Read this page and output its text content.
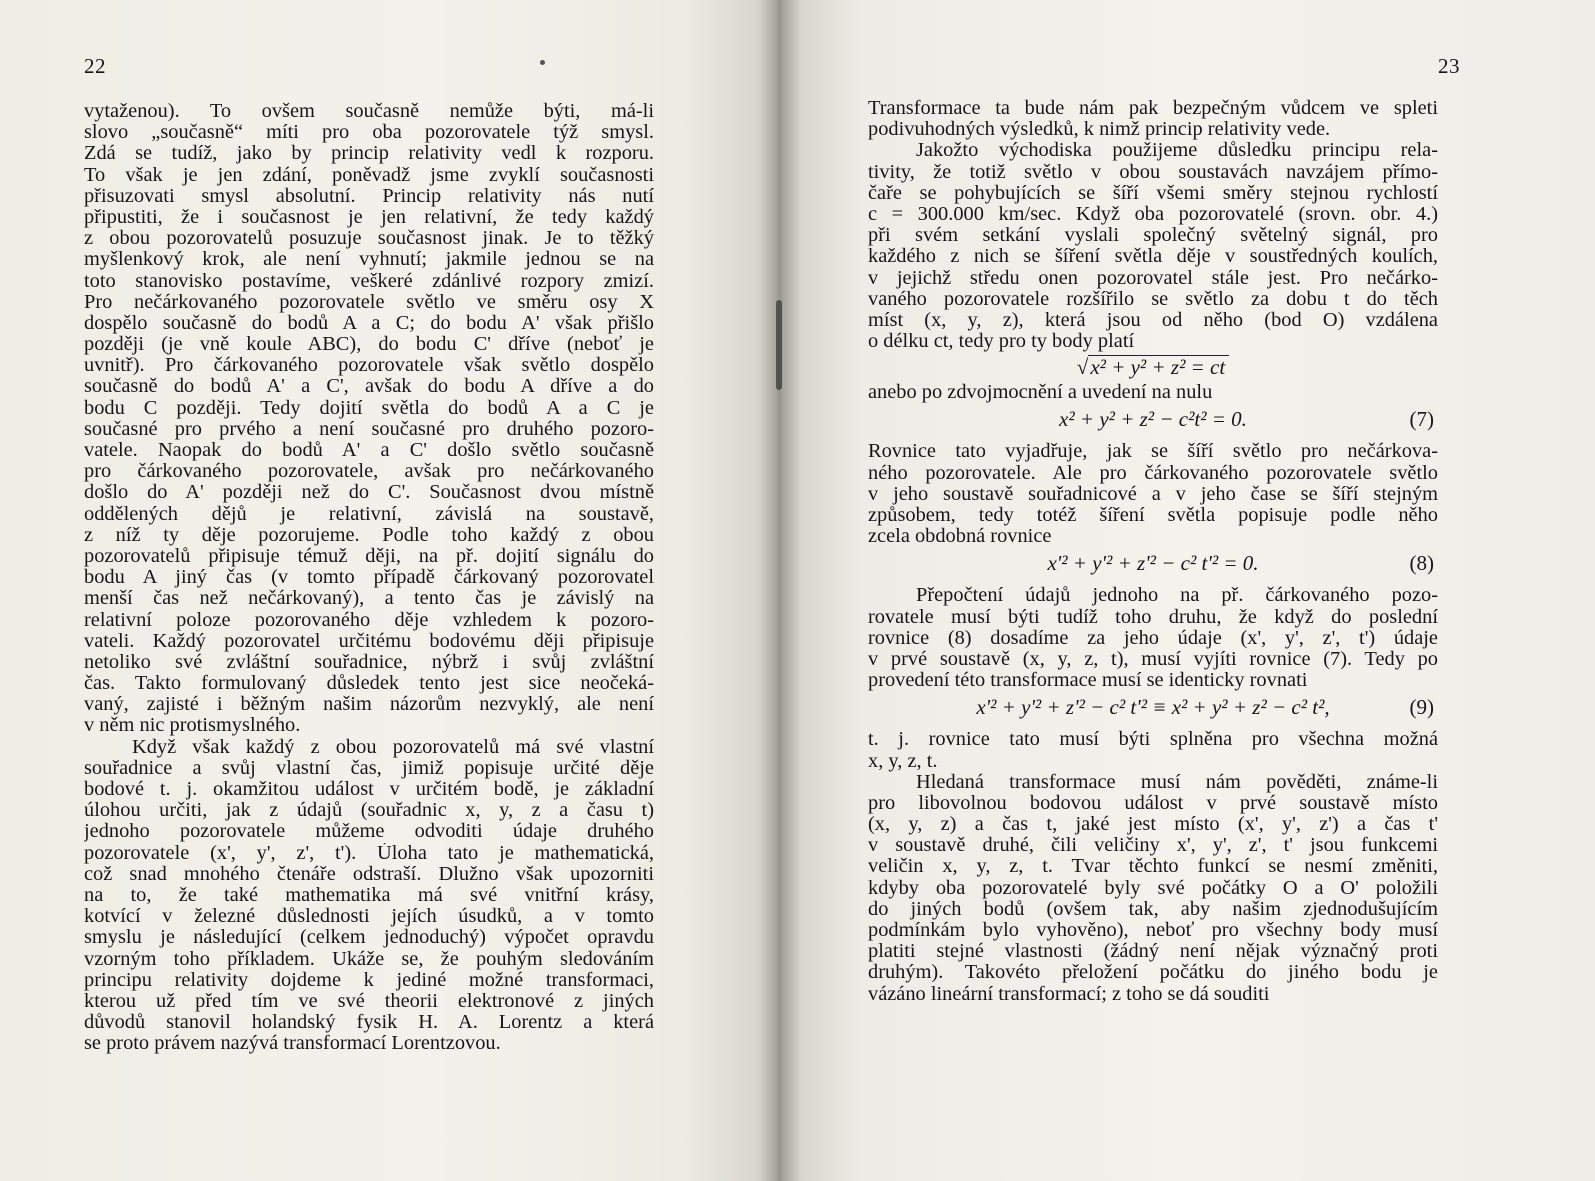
22
vytaženou). To ovšem současně nemůže býti, má-li
slovo „současně“ míti pro oba pozorovatele týž smysl.
Zdá se tudíž, jako by princip relativity vedl k rozporu.
To však je jen zdání, poněvadž jsme zvyklí současnosti
přisuzovati smysl absolutní. Princip relativity nás nutí
připustiti, že i současnost je jen relativní, že tedy každý
z obou pozorovatelů posuzuje současnost jinak. Je to těžký
myšlenkový krok, ale není vyhnutí; jakmile jednou se na
toto stanovisko postavíme, veškeré zdánlivé rozpory zmizí.
Pro nečárkovaného pozorovatele světlo ve směru osy X
dospělo současně do bodů A a C; do bodu A' však přišlo
později (je vně koule ABC), do bodu C' dříve (neboť je
uvnitř). Pro čárkovaného pozorovatele však světlo dospělo
současně do bodů A' a C', avšak do bodu A dříve a do
bodu C později. Tedy dojití světla do bodů A a C je
současné pro prvého a není současné pro druhého pozoro-
vatele. Naopak do bodů A' a C' došlo světlo současně
pro čárkovaného pozorovatele, avšak pro nečárkovaného
došlo do A' později než do C'. Současnost dvou místně
oddělených dějů je relativní, závislá na soustavě,
z níž ty děje pozorujeme. Podle toho každý z obou
pozorovatelů připisuje témuž ději, na př. dojití signálu do
bodu A jiný čas (v tomto případě čárkovaný pozorovatel
menší čas než nečárkovaný), a tento čas je závislý na
relativní poloze pozorovaného děje vzhledem k pozoro-
vateli. Každý pozorovatel určitému bodovému ději připisuje
netoliko své zvláštní souřadnice, nýbrž i svůj zvláštní
čas. Takto formulovaný důsledek tento jest sice neočeká-
vaný, zajisté i běžným našim názorům nezvyklý, ale není
v něm nic protismyslného.
Když však každý z obou pozorovatelů má své vlastní
souřadnice a svůj vlastní čas, jimiž popisuje určité děje
bodové t. j. okamžitou událost v určitém bodě, je základní
úlohou určiti, jak z údajů (souřadnic x, y, z a času t)
jednoho pozorovatele můžeme odvoditi údaje druhého
pozorovatele (x', y', z', t'). Úloha tato je mathematická,
což snad mnohého čtenáře odstraší. Dlužno však upozorniti
na to, že také mathematika má své vnitřní krásy,
kotvící v železné důslednosti jejích úsudků, a v tomto
smyslu je následující (celkem jednoduchý) výpočet opravdu
vzorným toho příkladem. Ukáže se, že pouhým sledováním
principu relativity dojdeme k jediné možné transformaci,
kterou už před tím ve své theorii elektronové z jiných
důvodů stanovil holandský fysik H. A. Lorentz a která
se proto právem nazývá transformací Lorentzovou.
23
Transformace ta bude nám pak bezpečným vůdcem ve spleti
podivuhodných výsledků, k nimž princip relativity vede.
Jakožto východiska použijeme důsledku principu rela-
tivity, že totiž světlo v obou soustavách navzájem přímo-
čaře se pohybujících se šíří všemi směry stejnou rychlostí
c = 300.000 km/sec. Když oba pozorovatelé (srovn. obr. 4.)
při svém setkání vyslali společný světelný signál, pro
každého z nich se šíření světla děje v soustředných koulích,
v jejichž středu onen pozorovatel stále jest. Pro nečárko-
vaného pozorovatele rozšířilo se světlo za dobu t do těch
míst (x, y, z), která jsou od něho (bod O) vzdálena
o délku ct, tedy pro ty body platí
√x² + y² + z² = ct
anebo po zdvojmocnění a uvedení na nulu
x² + y² + z² − c²t² = 0.	(7)
Rovnice tato vyjadřuje, jak se šíří světlo pro nečárkova-
ného pozorovatele. Ale pro čárkovaného pozorovatele světlo
v jeho soustavě souřadnicové a v jeho čase se šíří stejným
způsobem, tedy totéž šíření světla popisuje podle něho
zcela obdobná rovnice
x'² + y'² + z'² − c² t'² = 0.	(8)
Přepočtení údajů jednoho na př. čárkovaného pozo-
rovatele musí býti tudíž toho druhu, že když do poslední
rovnice (8) dosadíme za jeho údaje (x', y', z', t') údaje
v prvé soustavě (x, y, z, t), musí vyjíti rovnice (7). Tedy po
provedení této transformace musí se identicky rovnati
x'² + y'² + z'² − c² t'² ≡ x² + y² + z² − c² t²,	(9)
t. j. rovnice tato musí býti splněna pro všechna možná
x, y, z, t.
Hledaná transformace musí nám pověděti, známe-li
pro libovolnou bodovou událost v prvé soustavě místo
(x, y, z) a čas t, jaké jest místo (x', y', z') a čas t'
v soustavě druhé, čili veličiny x', y', z', t' jsou funkcemi
veličin x, y, z, t. Tvar těchto funkcí se nesmí změniti,
kdyby oba pozorovatelé byly své počátky O a O' položili
do jiných bodů (ovšem tak, aby našim zjednodušujícím
podmínkám bylo vyhověno), neboť pro všechny body musí
platiti stejné vlastnosti (žádný není nějak význačný proti
druhým). Takovéto přeložení počátku do jiného bodu je
vázáno lineární transformací; z toho se dá souditi
